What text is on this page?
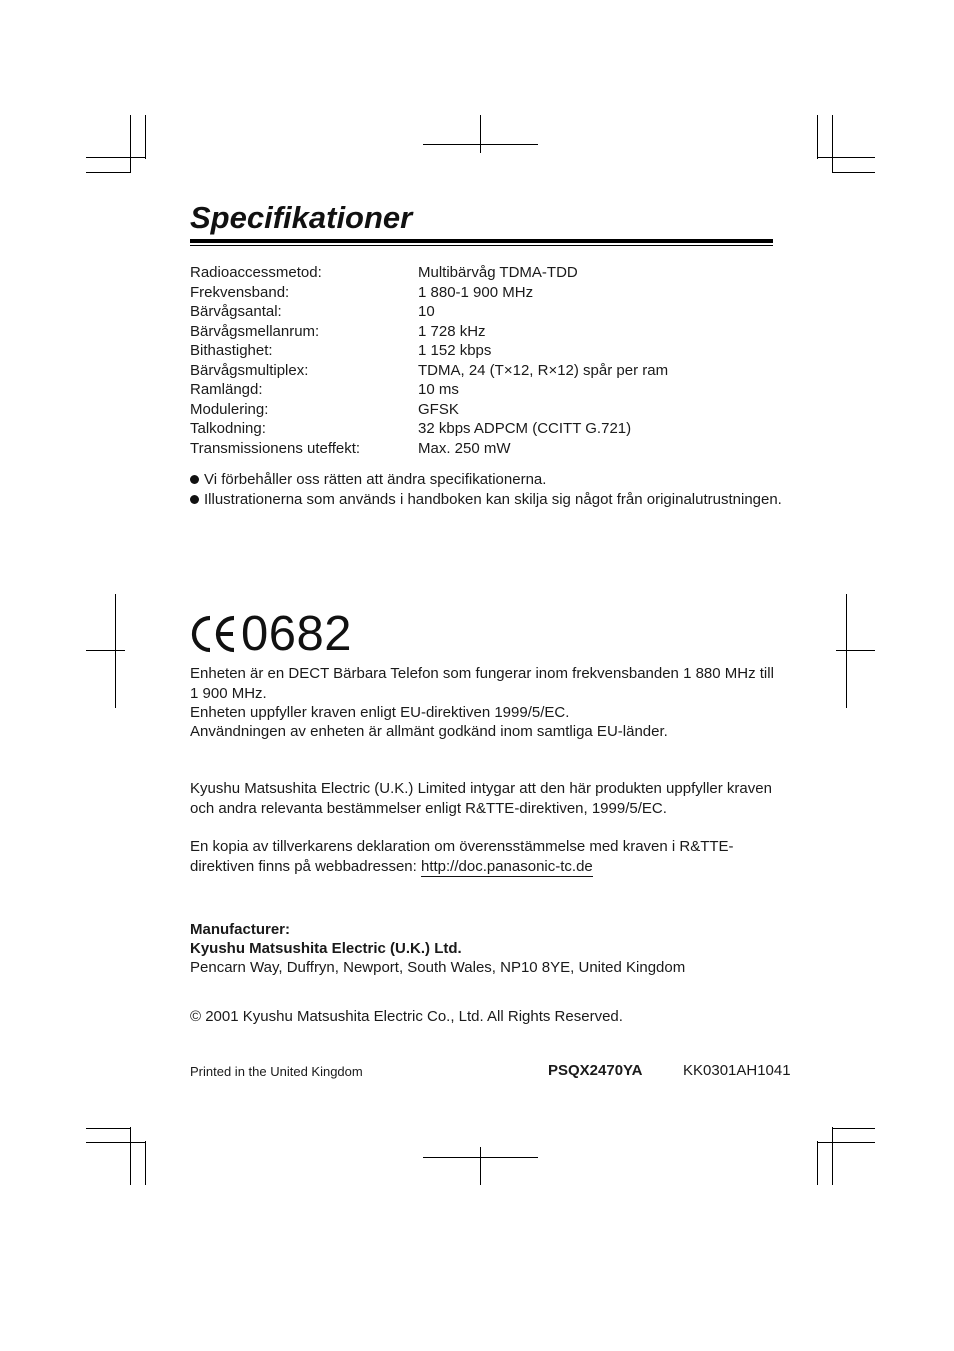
Specifikationer
Radioaccessmetod:	Multibärvåg TDMA-TDD
Frekvensband:	1 880-1 900 MHz
Bärvågsantal:	10
Bärvågsmellanrum:	1 728 kHz
Bithastighet:	1 152 kbps
Bärvågsmultiplex:	TDMA, 24 (T×12, R×12) spår per ram
Ramlängd:	10 ms
Modulering:	GFSK
Talkodning:	32 kbps ADPCM (CCITT G.721)
Transmissionens uteffekt:	Max. 250 mW
Vi förbehåller oss rätten att ändra specifikationerna.
Illustrationerna som används i handboken kan skilja sig något från originalutrustningen.
0682

Enheten är en DECT Bärbara Telefon som fungerar inom frekvensbanden 1 880 MHz till 1 900 MHz.

Enheten uppfyller kraven enligt EU-direktiven 1999/5/EC.

Användningen av enheten är allmänt godkänd inom samtliga EU-länder.

Kyushu Matsushita Electric (U.K.) Limited intygar att den här produkten uppfyller kraven och andra relevanta bestämmelser enligt R&TTE-direktiven, 1999/5/EC.

En kopia av tillverkarens deklaration om överensstämmelse med kraven i R&TTE-direktiven finns på webbadressen: http://doc.panasonic-tc.de

Manufacturer:

Kyushu Matsushita Electric (U.K.) Ltd.

Pencarn Way, Duffryn, Newport, South Wales, NP10 8YE, United Kingdom

© 2001 Kyushu Matsushita Electric Co., Ltd. All Rights Reserved.

Printed in the United Kingdom	PSQX2470YA	KK0301AH1041
